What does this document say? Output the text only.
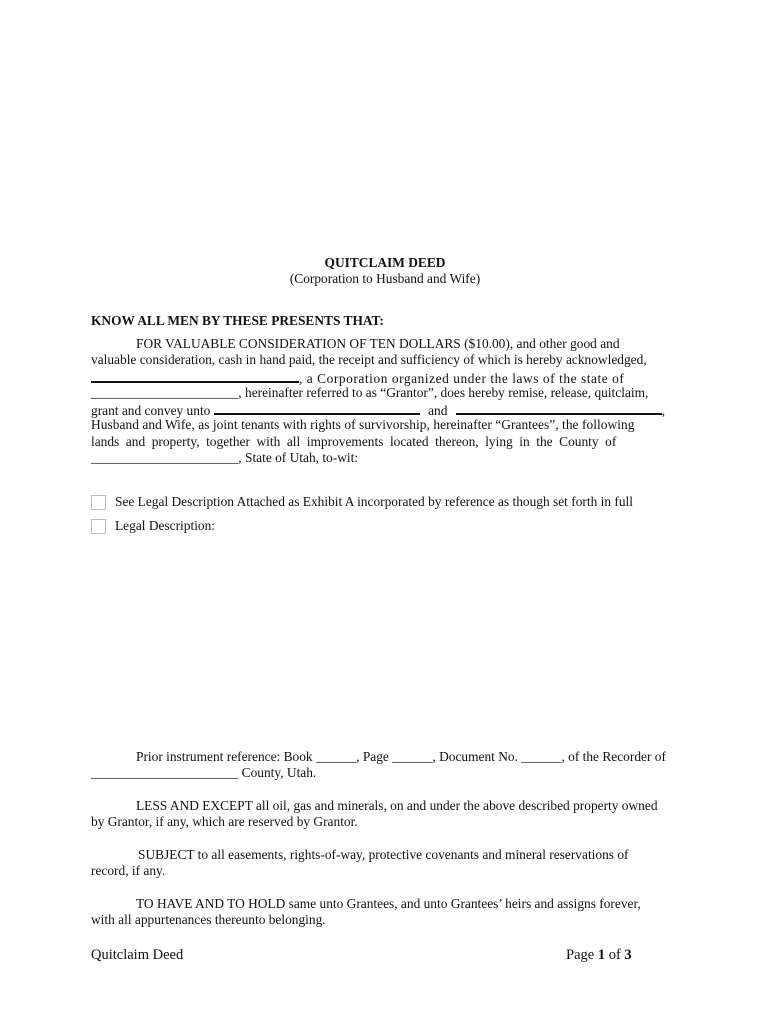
QUITCLAIM DEED
(Corporation to Husband and Wife)
KNOW ALL MEN BY THESE PRESENTS THAT:
FOR VALUABLE CONSIDERATION OF TEN DOLLARS ($10.00), and other good and
valuable consideration, cash in hand paid, the receipt and sufficiency of which is hereby acknowledged,
, a Corporation organized under the laws of the state of
______________________, hereinafter referred to as “Grantor”, does hereby remise, release, quitclaim,
grant and convey unto	and	,
Husband and Wife, as joint tenants with rights of survivorship, hereinafter “Grantees”, the following
lands and property, together with all improvements located thereon, lying in the County of
______________________, State of Utah, to-wit:
See Legal Description Attached as Exhibit A incorporated by reference as though set forth in full
Legal Description:
Prior instrument reference: Book ______, Page ______, Document No. ______, of the Recorder of
______________________ County, Utah.
LESS AND EXCEPT all oil, gas and minerals, on and under the above described property owned
by Grantor, if any, which are reserved by Grantor.
SUBJECT to all easements, rights-of-way, protective covenants and mineral reservations of
record, if any.
TO HAVE AND TO HOLD same unto Grantees, and unto Grantees’ heirs and assigns forever,
with all appurtenances thereunto belonging.
Quitclaim Deed	Page 1 of 3
